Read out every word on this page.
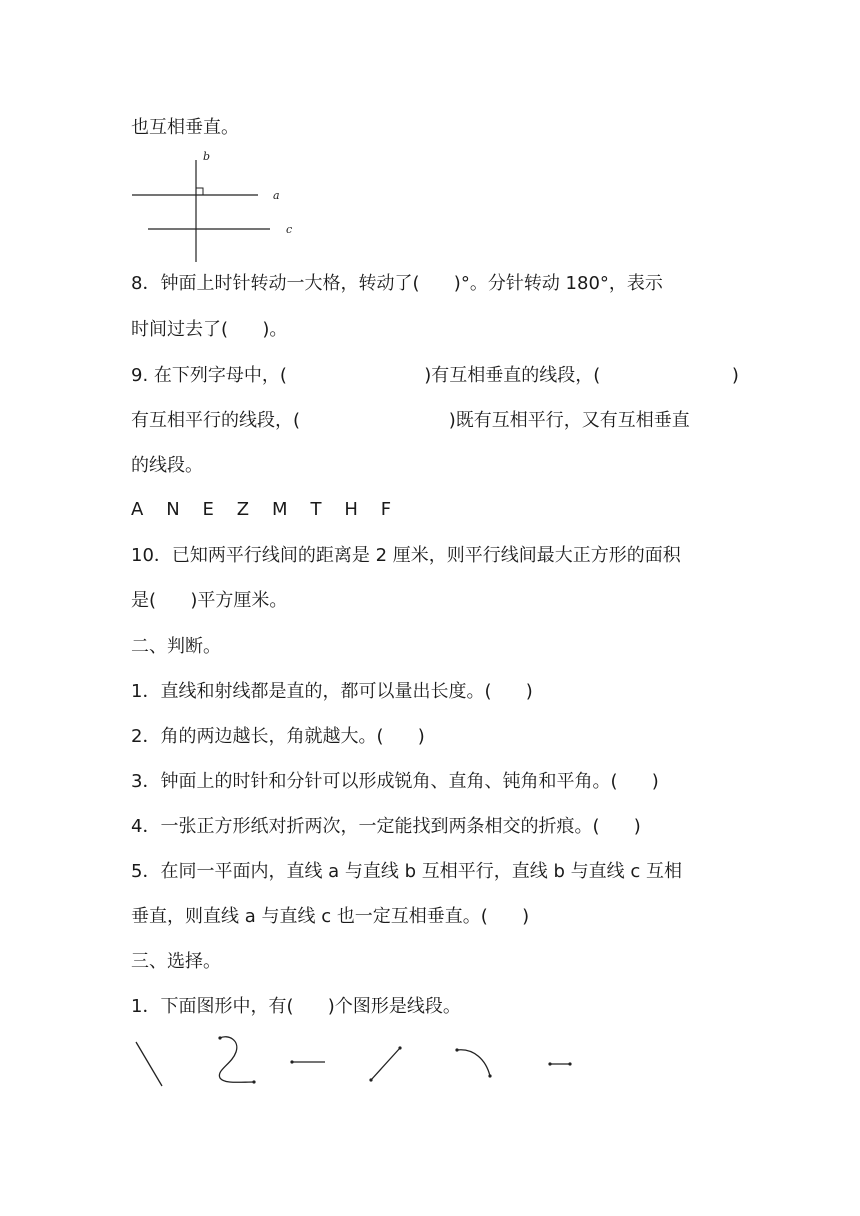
也互相垂直。
b
a
c
8．钟面上时针转动一大格，转动了(      )°。分针转动 180°，表示
时间过去了(      )。
9. 在下列字母中，(                        )有互相垂直的线段，(                       )
有互相平行的线段，(                          )既有互相平行，又有互相垂直
的线段。
A    N    E    Z    M    T    H    F
10．已知两平行线间的距离是 2 厘米，则平行线间最大正方形的面积
是(      )平方厘米。
二、判断。
1．直线和射线都是直的，都可以量出长度。(      )
2．角的两边越长，角就越大。(      )
3．钟面上的时针和分针可以形成锐角、直角、钝角和平角。(      )
4．一张正方形纸对折两次，一定能找到两条相交的折痕。(      )
5．在同一平面内，直线 a 与直线 b 互相平行，直线 b 与直线 c 互相
垂直，则直线 a 与直线 c 也一定互相垂直。(      )
三、选择。
1．下面图形中，有(      )个图形是线段。
